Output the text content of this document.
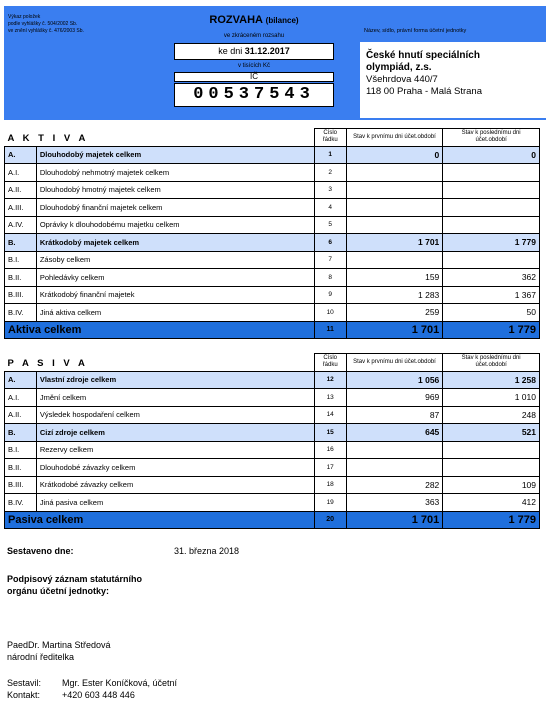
Výkaz položek
podle vyhlášky č. 504/2002 Sb.
ve znění vyhlášky č. 476/2003 Sb.
ROZVAHA (bilance)
ve zkráceném rozsahu
ke dni 31.12.2017
v tisících Kč
IČ
00537543
Název, sídlo, právní forma účetní jednotky
České hnutí speciálních
olympiád, z.s.
Všehrdova 440/7
118 00 Praha - Malá Strana
A K T I V A		Číslo řádku	Stav k prvnímu dni účet.období	Stav k poslednímu dni účet.období
A.	Dlouhodobý majetek celkem	1	0	0
A.I.	Dlouhodobý nehmotný majetek celkem	2		
A.II.	Dlouhodobý hmotný majetek celkem	3		
A.III.	Dlouhodobý finanční majetek celkem	4		
A.IV.	Oprávky k dlouhodobému majetku celkem	5		
B.	Krátkodobý majetek celkem	6	1 701	1 779
B.I.	Zásoby celkem	7		
B.II.	Pohledávky celkem	8	159	362
B.III.	Krátkodobý finanční majetek	9	1 283	1 367
B.IV.	Jiná aktiva celkem	10	259	50
Aktiva celkem		11	1 701	1 779
P A S I V A		Číslo řádku	Stav k prvnímu dni účet.období	Stav k poslednímu dni účet.období
A.	Vlastní zdroje celkem	12	1 056	1 258
A.I.	Jmění celkem	13	969	1 010
A.II.	Výsledek hospodaření celkem	14	87	248
B.	Cizí zdroje celkem	15	645	521
B.I.	Rezervy celkem	16		
B.II.	Dlouhodobé závazky celkem	17		
B.III.	Krátkodobé závazky celkem	18	282	109
B.IV.	Jiná pasiva celkem	19	363	412
Pasiva celkem		20	1 701	1 779
Sestaveno dne:	31. března 2018
Podpisový záznam statutárního
orgánu účetní jednotky:
PaedDr. Martina Středová
národní ředitelka
Sestavil: Mgr. Ester Koníčková, účetní
Kontakt: +420 603 448 446
